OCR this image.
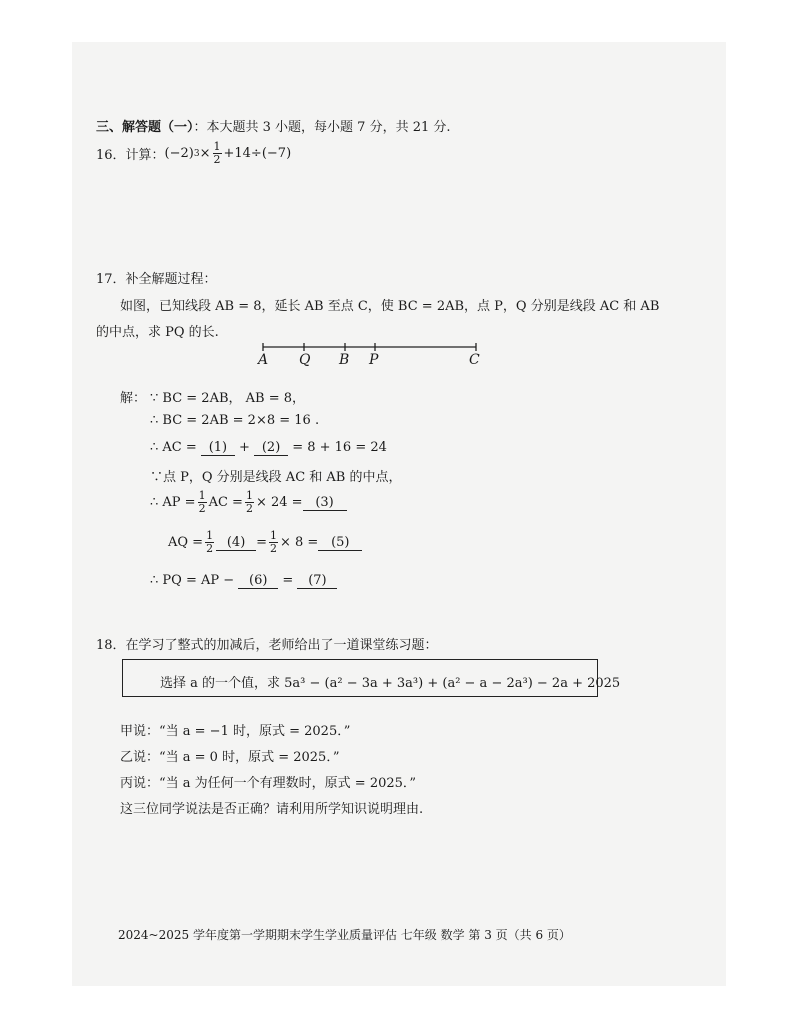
三、解答题（一）：本大题共 3 小题，每小题 7 分，共 21 分.
16．计算： (−2) $3 \times \frac{1}{2} +14\div(-7)$
17．补全解题过程：
如图，已知线段 AB = 8，延长 AB 至点 C，使 BC = 2AB，点 P，Q 分别是线段 AC 和 AB
的中点，求 PQ 的长.
A Q B P	C
解： ∵ BC = 2AB， AB = 8，
∴ BC = 2AB = 2×8 = 16 .
∴ AC = (1) + (2) = 8 + 16 = 24
∵点 P，Q 分别是线段 AC 和 AB 的中点，
∴ AP = $\frac{1}{2}$ AC = $\frac{1}{2} \times 24 = (3)$
AQ = $\frac{1}{2} (4) = \frac{1}{2} \times 8 = (5)$
∴ PQ = AP − (6) = (7)
18．在学习了整式的加减后，老师给出了一道课堂练习题：
选择 a 的一个值，求 5a³ − (a² − 3a + 3a³) + (a² − a − 2a³) − 2a + 2025
甲说：“当 a = −1 时，原式 = 2025．”
乙说：“当 a = 0 时，原式 = 2025．”
丙说：“当 a 为任何一个有理数时，原式 = 2025．”
这三位同学说法是否正确？请利用所学知识说明理由.
2024~2025 学年度第一学期期末学生学业质量评估 七年级 数学 第 3 页（共 6 页）
